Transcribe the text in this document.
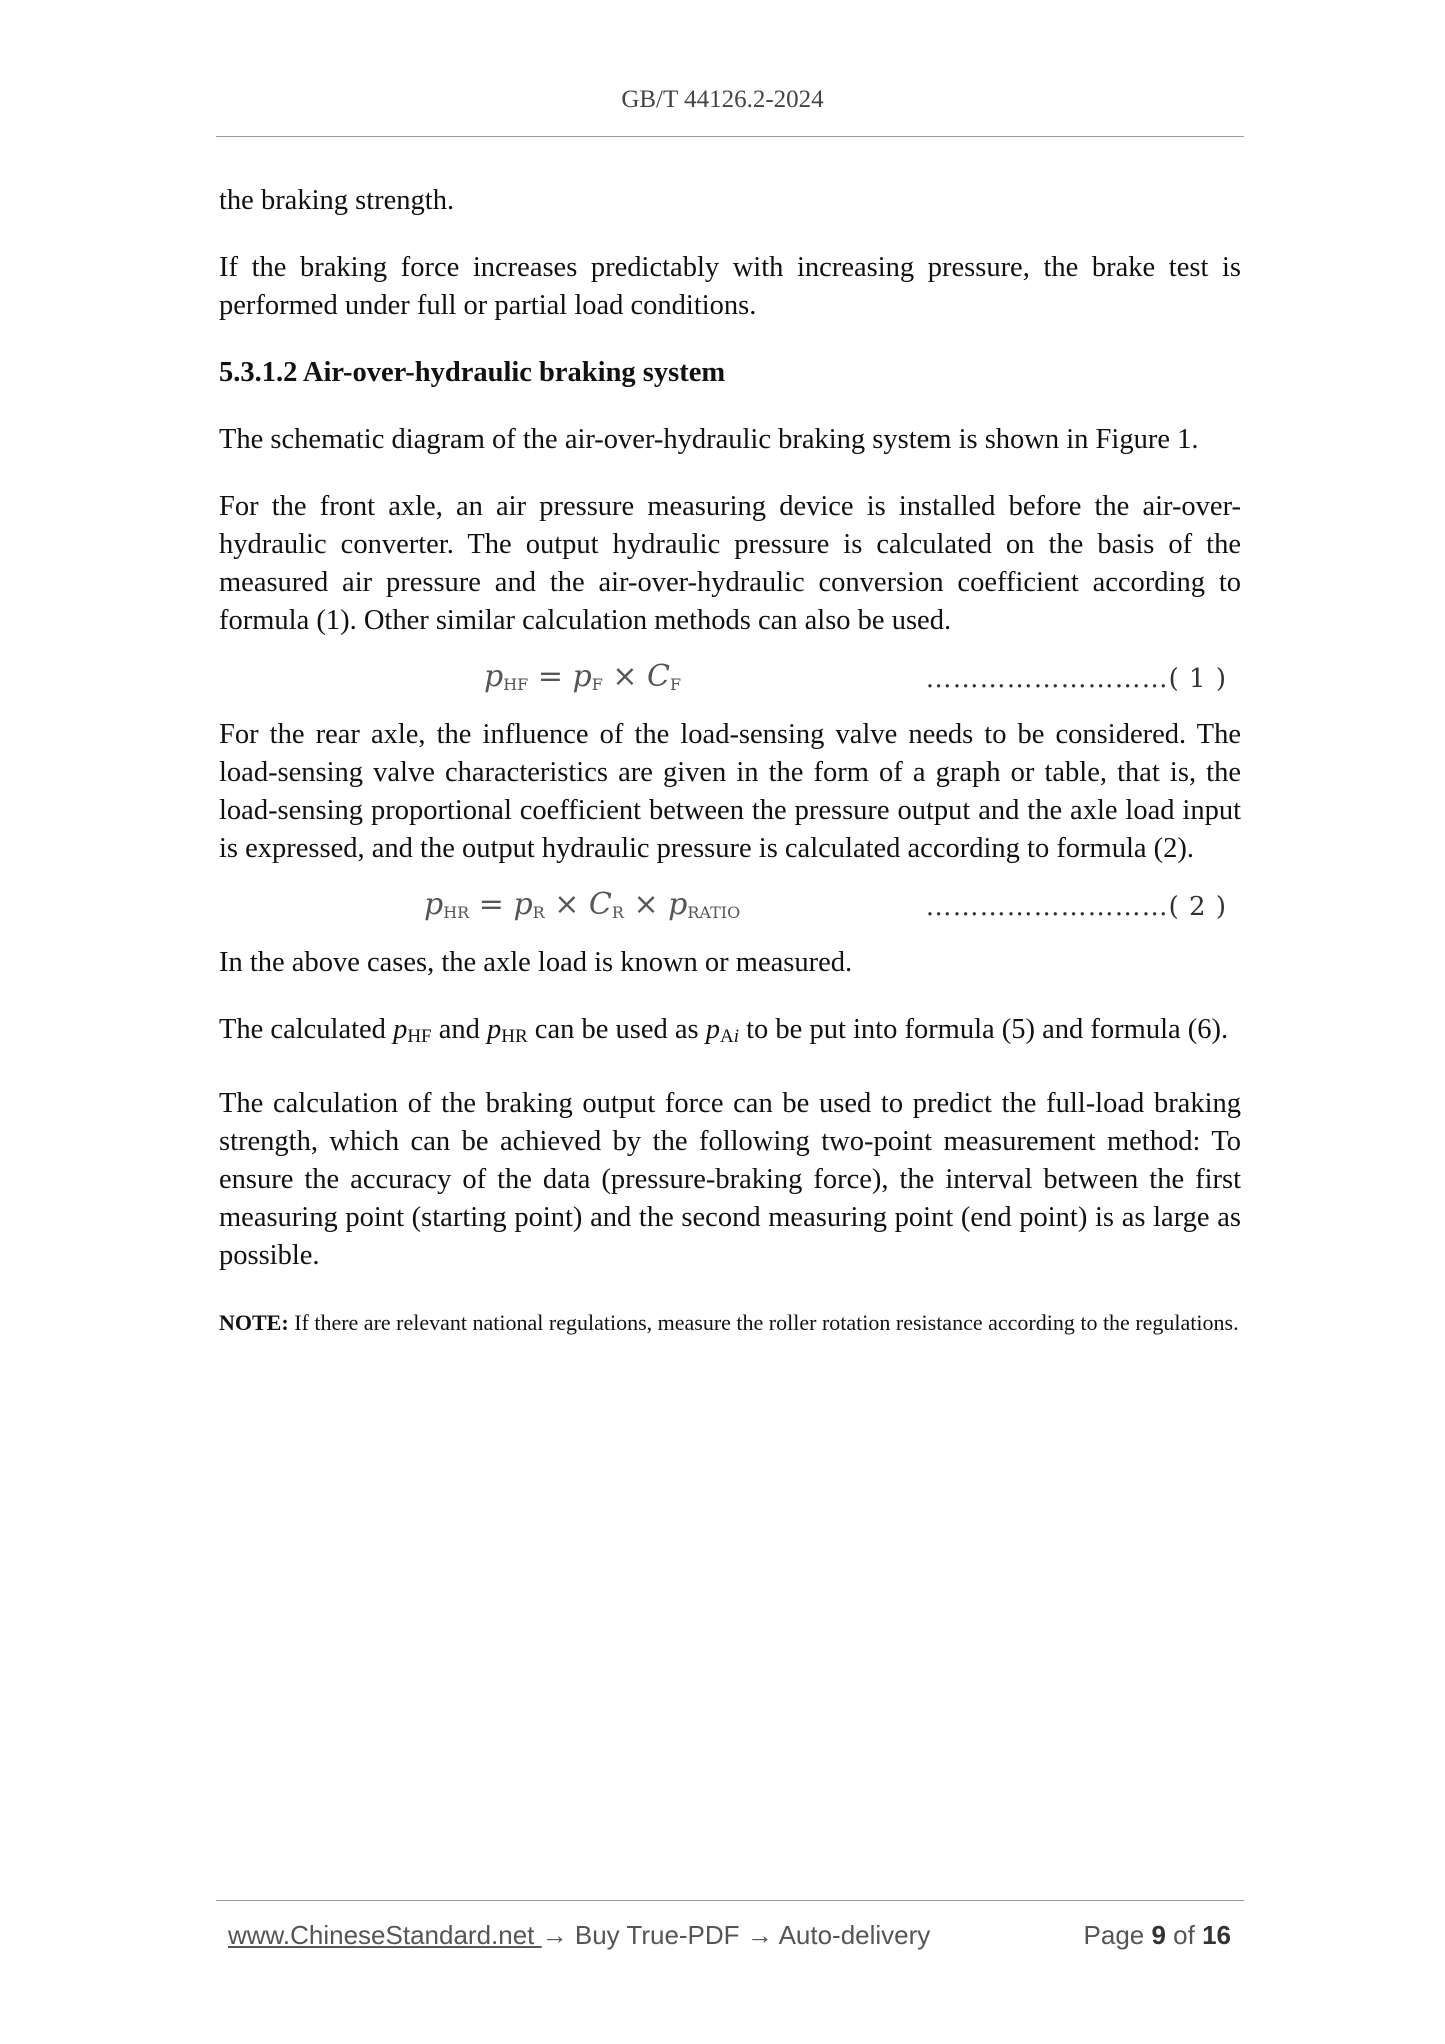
GB/T 44126.2-2024

the braking strength.

If the braking force increases predictably with increasing pressure, the brake test is performed under full or partial load conditions.

5.3.1.2 Air-over-hydraulic braking system

The schematic diagram of the air-over-hydraulic braking system is shown in Figure 1.

For the front axle, an air pressure measuring device is installed before the air-over-hydraulic converter. The output hydraulic pressure is calculated on the basis of the measured air pressure and the air-over-hydraulic conversion coefficient according to formula (1). Other similar calculation methods can also be used.

$p_{HF} = p_F \times C_F$	………………………( 1 )

For the rear axle, the influence of the load-sensing valve needs to be considered. The load-sensing valve characteristics are given in the form of a graph or table, that is, the load-sensing proportional coefficient between the pressure output and the axle load input is expressed, and the output hydraulic pressure is calculated according to formula (2).

$p_{HR} = p_R \times C_R \times p_{RATIO}$	………………………( 2 )

In the above cases, the axle load is known or measured.

The calculated $p_{HF}$ and $p_{HR}$ can be used as $p_{Ai}$ to be put into formula (5) and formula (6).

The calculation of the braking output force can be used to predict the full-load braking strength, which can be achieved by the following two-point measurement method: To ensure the accuracy of the data (pressure-braking force), the interval between the first measuring point (starting point) and the second measuring point (end point) is as large as possible.

NOTE: If there are relevant national regulations, measure the roller rotation resistance according to the regulations.

www.ChineseStandard.net → Buy True-PDF → Auto-delivery	Page 9 of 16
